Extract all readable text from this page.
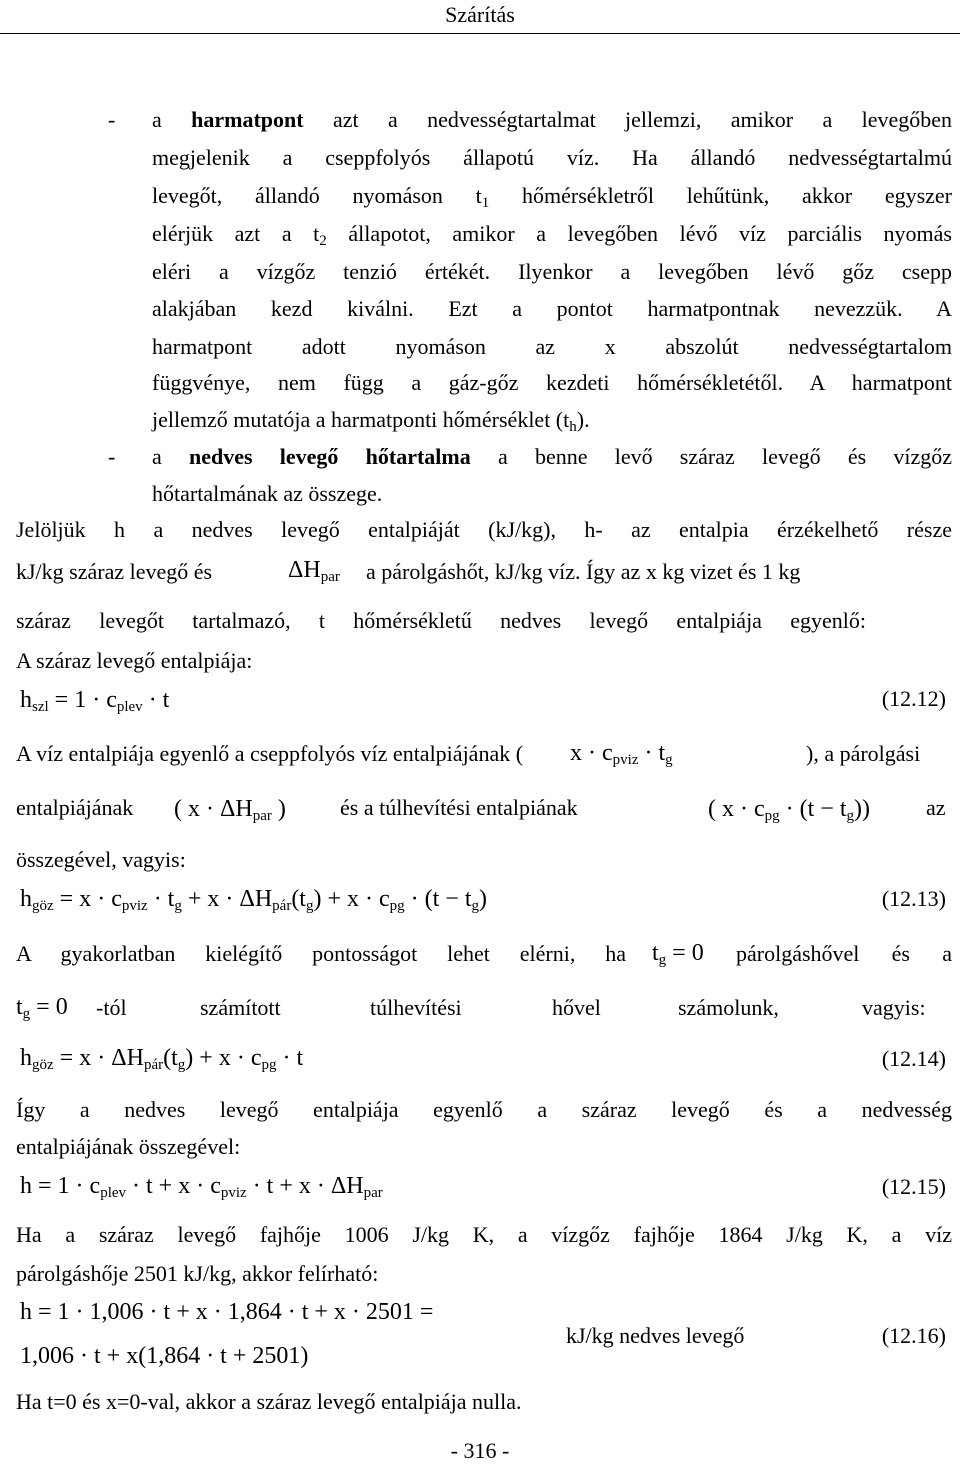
Szárítás
- a harmatpont azt a nedvességtartalmat jellemzi, amikor a levegőben
megjelenik a cseppfolyós állapotú víz. Ha állandó nedvességtartalmú
levegőt, állandó nyomáson $t_1$ hőmérsékletről lehűtünk, akkor egyszer
elérjük azt a $t_2$ állapotot, amikor a levegőben lévő víz parciális nyomás
eléri a vízgőz tenzió értékét. Ilyenkor a levegőben lévő gőz csepp
alakjában kezd kiválni. Ezt a pontot harmatpontnak nevezzük. A
harmatpont adott nyomáson az x abszolút nedvességtartalom
függvénye, nem függ a gáz-gőz kezdeti hőmérsékletétől. A harmatpont
jellemző mutatója a harmatponti hőmérséklet $(t_h)$.
- a nedves levegő hőtartalma a benne levő száraz levegő és vízgőz
hőtartalmának az összege.
Jelöljük h a nedves levegő entalpiáját (kJ/kg), h- az entalpia érzékelhető része
kJ/kg száraz levegő és	$\Delta H_{par}$ a párolgáshőt, kJ/kg víz. Így az x kg vizet és 1 kg
száraz levegőt tartalmazó, t hőmérsékletű nedves levegő entalpiája egyenlő:
A száraz levegő entalpiája:
$h_{szl} = 1 \cdot c_{plev} \cdot t$	(12.12)
A víz entalpiája egyenlő a cseppfolyós víz entalpiájának ( $x \cdot c_{pviz} \cdot t_g$	), a párolgási
entalpiájának ( $x \cdot \Delta H_{par}$ ) és a túlhevítési entalpiának	( $x \cdot c_{pg} \cdot (t - t_g)$)	az
összegével, vagyis:
$h_{göz} = x \cdot c_{pviz} \cdot t_g + x \cdot \Delta H_{pár}(t_g) + x \cdot c_{pg} \cdot (t - t_g)$	(12.13)
A gyakorlatban kielégítő pontosságot lehet elérni, ha $t_g = 0$ párolgáshővel és a
$t_g = 0$ -tól	számított	túlhevítési	hővel	számolunk,	vagyis:
$h_{göz} = x \cdot \Delta H_{pár}(t_g) + x \cdot c_{pg} \cdot t$	(12.14)
Így a nedves levegő entalpiája egyenlő a száraz levegő és a nedvesség
entalpiájának összegével:
$h = 1 \cdot c_{plev} \cdot t + x \cdot c_{pviz} \cdot t + x \cdot \Delta H_{par}$	(12.15)
Ha a száraz levegő fajhője 1006 J/kg K, a vízgőz fajhője 1864 J/kg K, a víz
párolgáshője 2501 kJ/kg, akkor felírható:
h = 1 · 1,006 · t + x · 1,864 · t + x · 2501 =
1,006 · t + x(1,864 · t + 2501)
kJ/kg nedves levegő	(12.16)
Ha t=0 és x=0-val, akkor a száraz levegő entalpiája nulla.
- 316 -
